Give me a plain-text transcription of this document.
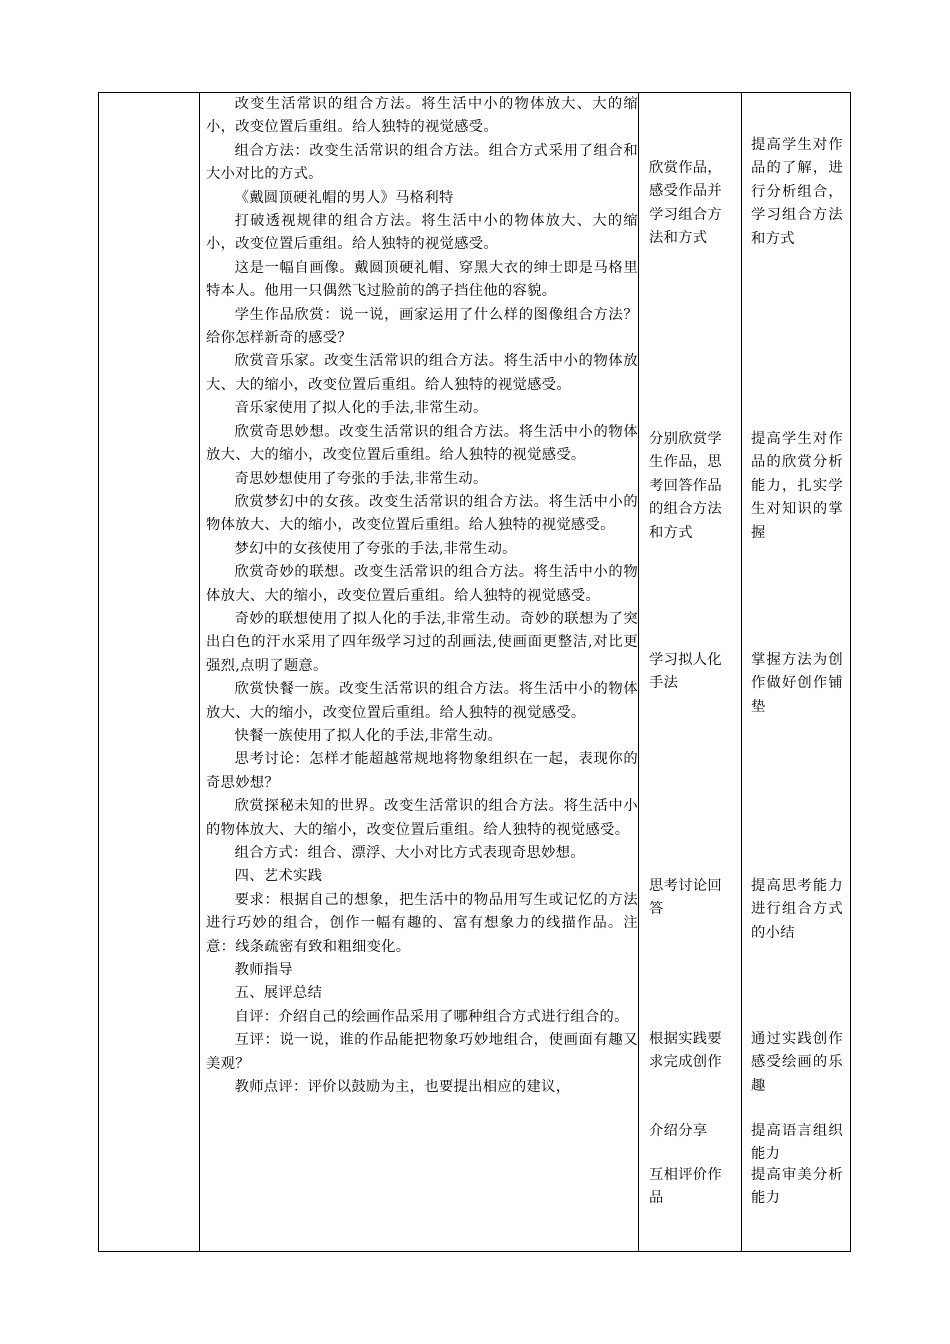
改变生活常识的组合方法。将生活中小的物体放大、大的缩小，改变位置后重组。给人独特的视觉感受。

组合方法：改变生活常识的组合方法。组合方式采用了组合和大小对比的方式。

《戴圆顶硬礼帽的男人》马格利特

打破透视规律的组合方法。将生活中小的物体放大、大的缩小，改变位置后重组。给人独特的视觉感受。

这是一幅自画像。戴圆顶硬礼帽、穿黑大衣的绅士即是马格里特本人。他用一只偶然飞过脸前的鸽子挡住他的容貌。

学生作品欣赏：说一说，画家运用了什么样的图像组合方法？给你怎样新奇的感受？

欣赏音乐家。改变生活常识的组合方法。将生活中小的物体放大、大的缩小，改变位置后重组。给人独特的视觉感受。

音乐家使用了拟人化的手法,非常生动。

欣赏奇思妙想。改变生活常识的组合方法。将生活中小的物体放大、大的缩小，改变位置后重组。给人独特的视觉感受。

奇思妙想使用了夸张的手法,非常生动。

欣赏梦幻中的女孩。改变生活常识的组合方法。将生活中小的物体放大、大的缩小，改变位置后重组。给人独特的视觉感受。

梦幻中的女孩使用了夸张的手法,非常生动。

欣赏奇妙的联想。改变生活常识的组合方法。将生活中小的物体放大、大的缩小，改变位置后重组。给人独特的视觉感受。

奇妙的联想使用了拟人化的手法,非常生动。奇妙的联想为了突出白色的汗水采用了四年级学习过的刮画法,使画面更整洁,对比更强烈,点明了题意。

欣赏快餐一族。改变生活常识的组合方法。将生活中小的物体放大、大的缩小，改变位置后重组。给人独特的视觉感受。

快餐一族使用了拟人化的手法,非常生动。

思考讨论：怎样才能超越常规地将物象组织在一起，表现你的奇思妙想？

欣赏探秘未知的世界。改变生活常识的组合方法。将生活中小的物体放大、大的缩小，改变位置后重组。给人独特的视觉感受。

组合方式：组合、漂浮、大小对比方式表现奇思妙想。

四、艺术实践

要求：根据自己的想象，把生活中的物品用写生或记忆的方法进行巧妙的组合，创作一幅有趣的、富有想象力的线描作品。注意：线条疏密有致和粗细变化。

教师指导

五、展评总结

自评：介绍自己的绘画作品采用了哪种组合方式进行组合的。

互评：说一说，谁的作品能把物象巧妙地组合，使画面有趣又美观？

教师点评：评价以鼓励为主，也要提出相应的建议，

欣赏作品，感受作品并学习组合方法和方式

分别欣赏学生作品，思考回答作品的组合方法和方式

学习拟人化手法

思考讨论回答

根据实践要求完成创作

介绍分享

互相评价作品

提高学生对作品的了解，进行分析组合，学习组合方法和方式

提高学生对作品的欣赏分析能力，扎实学生对知识的掌握

掌握方法为创作做好创作铺垫

提高思考能力进行组合方式的小结

通过实践创作感受绘画的乐趣

提高语言组织能力

提高审美分析能力
